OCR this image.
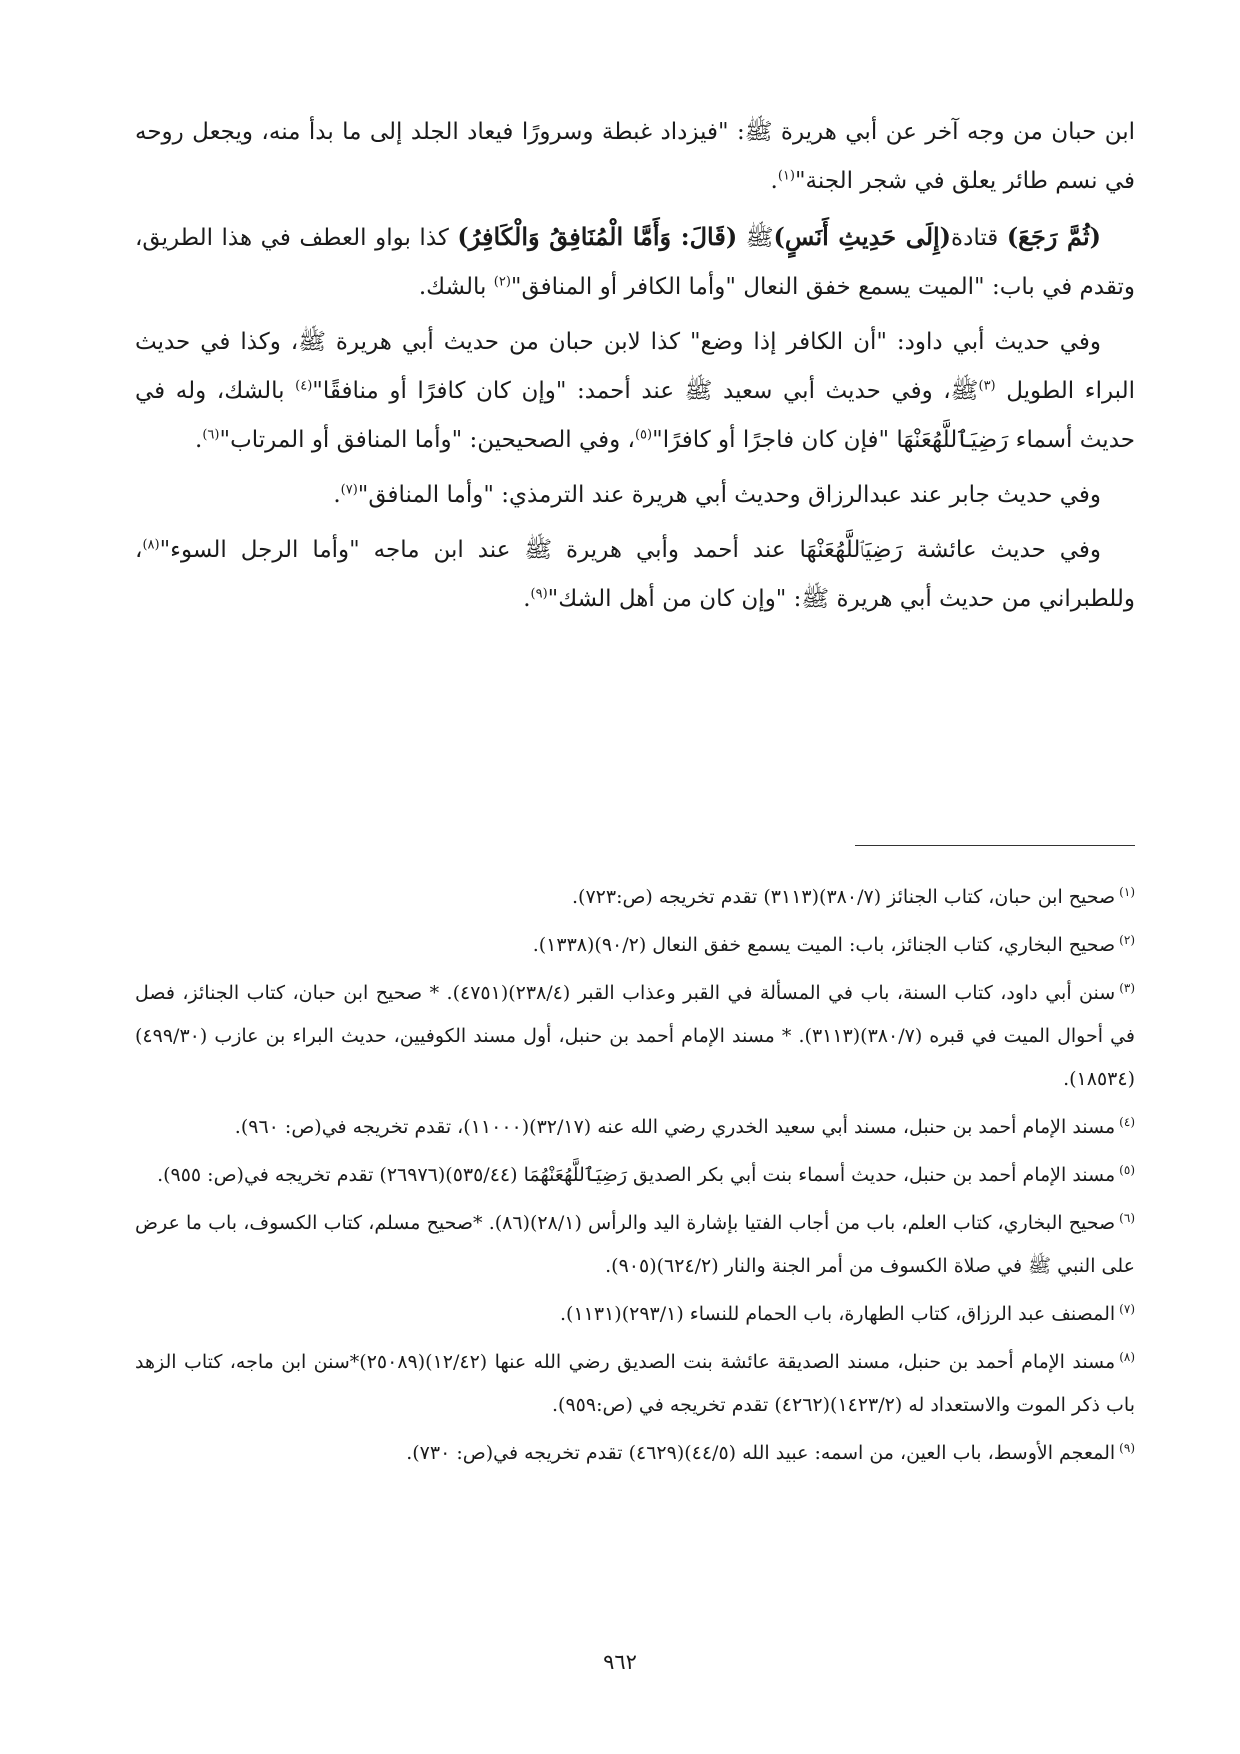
ابن حبان من وجه آخر عن أبي هريرة ﷺ: "فيزداد غبطة وسرورًا فيعاد الجلد إلى ما بدأ منه، ويجعل روحه في نسم طائر يعلق في شجر الجنة"$^{(١)}$.

(ثُمَّ رَجَعَ) قتادة(إِلَى حَدِيثِ أَنَسٍ)ﷺ (قَالَ: وَأَمَّا الْمُنَافِقُ وَالْكَافِرُ) كذا بواو العطف في هذا الطريق، وتقدم في باب: "الميت يسمع خفق النعال "وأما الكافر أو المنافق"$^{(٢)}$ بالشك.

وفي حديث أبي داود: "أن الكافر إذا وضع" كذا لابن حبان من حديث أبي هريرة ﷺ، وكذا في حديث البراء الطويل $^{(٣)}$ﷺ، وفي حديث أبي سعيد ﷺ عند أحمد: "وإن كان كافرًا أو منافقًا"$^{(٤)}$ بالشك، وله في حديث أسماء رَضِيَٱللَّهُعَنْهَا "فإن كان فاجرًا أو كافرًا"$^{(٥)}$، وفي الصحيحين: "وأما المنافق أو المرتاب"$^{(٦)}$.

وفي حديث جابر عند عبدالرزاق وحديث أبي هريرة عند الترمذي: "وأما المنافق"$^{(٧)}$.

وفي حديث عائشة رَضِيَٱللَّهُعَنْهَا عند أحمد وأبي هريرة ﷺ عند ابن ماجه "وأما الرجل السوء"$^{(٨)}$، وللطبراني من حديث أبي هريرة ﷺ: "وإن كان من أهل الشك"$^{(٩)}$.

$^{(١)}$صحيح ابن حبان، كتاب الجنائز (٣٨٠/٧)(٣١١٣) تقدم تخريجه (ص:٧٢٣).

$^{(٢)}$صحيح البخاري، كتاب الجنائز، باب: الميت يسمع خفق النعال (٩٠/٢)(١٣٣٨).

$^{(٣)}$سنن أبي داود، كتاب السنة، باب في المسألة في القبر وعذاب القبر (٢٣٨/٤)(٤٧٥١). * صحيح ابن حبان، كتاب الجنائز، فصل في أحوال الميت في قبره (٣٨٠/٧)(٣١١٣). * مسند الإمام أحمد بن حنبل، أول مسند الكوفيين، حديث البراء بن عازب (٤٩٩/٣٠)(١٨٥٣٤).

$^{(٤)}$مسند الإمام أحمد بن حنبل، مسند أبي سعيد الخدري رضي الله عنه (٣٢/١٧)(١١٠٠٠)، تقدم تخريجه في(ص: ٩٦٠).

$^{(٥)}$مسند الإمام أحمد بن حنبل، حديث أسماء بنت أبي بكر الصديق رَضِيَٱللَّهُعَنْهُمَا (٥٣٥/٤٤)(٢٦٩٧٦) تقدم تخريجه في(ص: ٩٥٥).

$^{(٦)}$صحيح البخاري، كتاب العلم، باب من أجاب الفتيا بإشارة اليد والرأس (٢٨/١)(٨٦). *صحيح مسلم، كتاب الكسوف، باب ما عرض على النبي ﷺ في صلاة الكسوف من أمر الجنة والنار (٦٢٤/٢)(٩٠٥).

$^{(٧)}$المصنف عبد الرزاق، كتاب الطهارة، باب الحمام للنساء (٢٩٣/١)(١١٣١).

$^{(٨)}$مسند الإمام أحمد بن حنبل، مسند الصديقة عائشة بنت الصديق رضي الله عنها (١٢/٤٢)(٢٥٠٨٩)*سنن ابن ماجه، كتاب الزهد باب ذكر الموت والاستعداد له (١٤٢٣/٢)(٤٢٦٢) تقدم تخريجه في (ص:٩٥٩).

$^{(٩)}$المعجم الأوسط، باب العين، من اسمه: عبيد الله (٤٤/٥)(٤٦٢٩) تقدم تخريجه في(ص: ٧٣٠).

٩٦٢
